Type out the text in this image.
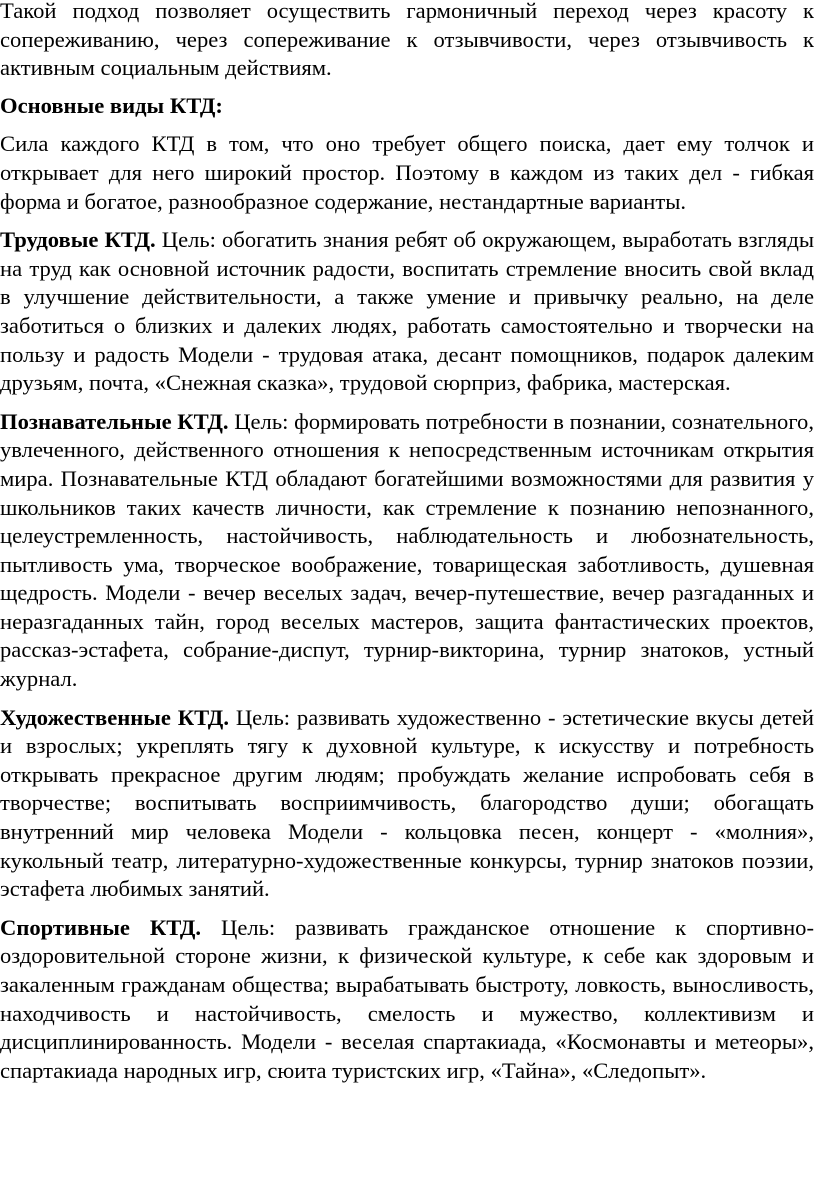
Такой подход позволяет осуществить гармоничный переход через красоту к сопереживанию, через сопереживание к отзывчивости, через отзывчивость к активным социальным действиям.

Основные виды КТД:

Сила каждого КТД в том, что оно требует общего поиска, дает ему толчок и открывает для него широкий простор. Поэтому в каждом из таких дел - гибкая форма и богатое, разнообразное содержание, нестандартные варианты.

Трудовые КТД. Цель: обогатить знания ребят об окружающем, выработать взгляды на труд как основной источник радости, воспитать стремление вносить свой вклад в улучшение действительности, а также умение и привычку реально, на деле заботиться о близких и далеких людях, работать самостоятельно и творчески на пользу и радость Модели - трудовая атака, десант помощников, подарок далеким друзьям, почта, «Снежная сказка», трудовой сюрприз, фабрика, мастерская.

Познавательные КТД. Цель: формировать потребности в познании, сознательного, увлеченного, действенного отношения к непосредственным источникам открытия мира. Познавательные КТД обладают богатейшими возможностями для развития у школьников таких качеств личности, как стремление к познанию непознанного, целеустремленность, настойчивость, наблюдательность и любознательность, пытливость ума, творческое воображение, товарищеская заботливость, душевная щедрость. Модели - вечер веселых задач, вечер-путешествие, вечер разгаданных и неразгаданных тайн, город веселых мастеров, защита фантастических проектов, рассказ-эстафета, собрание-диспут, турнир-викторина, турнир знатоков, устный журнал.

Художественные КТД. Цель: развивать художественно - эстетические вкусы детей и взрослых; укреплять тягу к духовной культуре, к искусству и потребность открывать прекрасное другим людям; пробуждать желание испробовать себя в творчестве; воспитывать восприимчивость, благородство души; обогащать внутренний мир человека Модели - кольцовка песен, концерт - «молния», кукольный театр, литературно-художественные конкурсы, турнир знатоков поэзии, эстафета любимых занятий.

Спортивные КТД. Цель: развивать гражданское отношение к спортивно-оздоровительной стороне жизни, к физической культуре, к себе как здоровым и закаленным гражданам общества; вырабатывать быстроту, ловкость, выносливость, находчивость и настойчивость, смелость и мужество, коллективизм и дисциплинированность. Модели - веселая спартакиада, «Космонавты и метеоры», спартакиада народных игр, сюита туристских игр, «Тайна», «Следопыт».
